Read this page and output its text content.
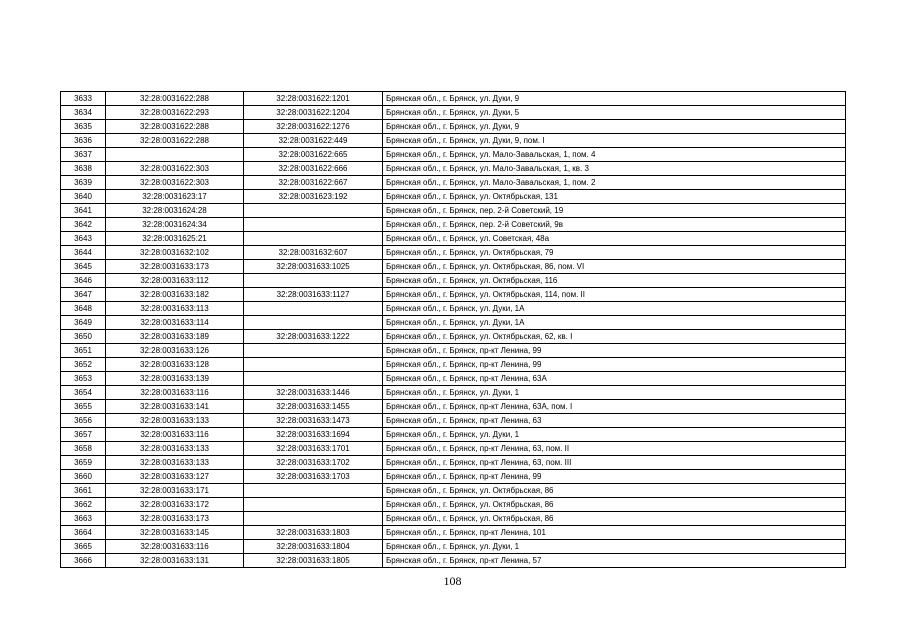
3633	32:28:0031622:288	32:28:0031622:1201	Брянская обл., г. Брянск, ул. Дуки, 9
3634	32:28:0031622:293	32:28:0031622:1204	Брянская обл., г. Брянск, ул. Дуки, 5
3635	32:28:0031622:288	32:28:0031622:1276	Брянская обл., г. Брянск, ул. Дуки, 9
3636	32:28:0031622:288	32:28:0031622:449	Брянская обл., г. Брянск, ул. Дуки, 9, пом. I
3637		32:28:0031622:665	Брянская обл., г. Брянск, ул. Мало-Завальская, 1, пом. 4
3638	32:28:0031622:303	32:28:0031622:666	Брянская обл., г. Брянск, ул. Мало-Завальская, 1, кв. 3
3639	32:28:0031622:303	32:28:0031622:667	Брянская обл., г. Брянск, ул. Мало-Завальская, 1, пом. 2
3640	32:28:0031623:17	32:28:0031623:192	Брянская обл., г. Брянск, ул. Октябрьская, 131
3641	32:28:0031624:28		Брянская обл., г. Брянск, пер. 2-й Советский, 19
3642	32:28:0031624:34		Брянская обл., г. Брянск, пер. 2-й Советский, 9в
3643	32:28:0031625:21		Брянская обл., г. Брянск, ул. Советская, 48а
3644	32:28:0031632:102	32:28:0031632:607	Брянская обл., г. Брянск, ул. Октябрьская, 79
3645	32:28:0031633:173	32:28:0031633:1025	Брянская обл., г. Брянск, ул. Октябрьская, 86, пом. VI
3646	32:28:0031633:112		Брянская обл., г. Брянск, ул. Октябрьская, 116
3647	32:28:0031633:182	32:28:0031633:1127	Брянская обл., г. Брянск, ул. Октябрьская, 114, пом. II
3648	32:28:0031633:113		Брянская обл., г. Брянск, ул. Дуки, 1А
3649	32:28:0031633:114		Брянская обл., г. Брянск, ул. Дуки, 1А
3650	32:28:0031633:189	32:28:0031633:1222	Брянская обл., г. Брянск, ул. Октябрьская, 62, кв. I
3651	32:28:0031633:126		Брянская обл., г. Брянск, пр-кт Ленина, 99
3652	32:28:0031633:128		Брянская обл., г. Брянск, пр-кт Ленина, 99
3653	32:28:0031633:139		Брянская обл., г. Брянск, пр-кт Ленина, 63А
3654	32:28:0031633:116	32:28:0031633:1446	Брянская обл., г. Брянск, ул. Дуки, 1
3655	32:28:0031633:141	32:28:0031633:1455	Брянская обл., г. Брянск, пр-кт Ленина, 63А, пом. I
3656	32:28:0031633:133	32:28:0031633:1473	Брянская обл., г. Брянск, пр-кт Ленина, 63
3657	32:28:0031633:116	32:28:0031633:1694	Брянская обл., г. Брянск, ул. Дуки, 1
3658	32:28:0031633:133	32:28:0031633:1701	Брянская обл., г. Брянск, пр-кт Ленина, 63, пом. II
3659	32:28:0031633:133	32:28:0031633:1702	Брянская обл., г. Брянск, пр-кт Ленина, 63, пом. III
3660	32:28:0031633:127	32:28:0031633:1703	Брянская обл., г. Брянск, пр-кт Ленина, 99
3661	32:28:0031633:171		Брянская обл., г. Брянск, ул. Октябрьская, 86
3662	32:28:0031633:172		Брянская обл., г. Брянск, ул. Октябрьская, 86
3663	32:28:0031633:173		Брянская обл., г. Брянск, ул. Октябрьская, 86
3664	32:28:0031633:145	32:28:0031633:1803	Брянская обл., г. Брянск, пр-кт Ленина, 101
3665	32:28:0031633:116	32:28:0031633:1804	Брянская обл., г. Брянск, ул. Дуки, 1
3666	32:28:0031633:131	32:28:0031633:1805	Брянская обл., г. Брянск, пр-кт Ленина, 57
108
